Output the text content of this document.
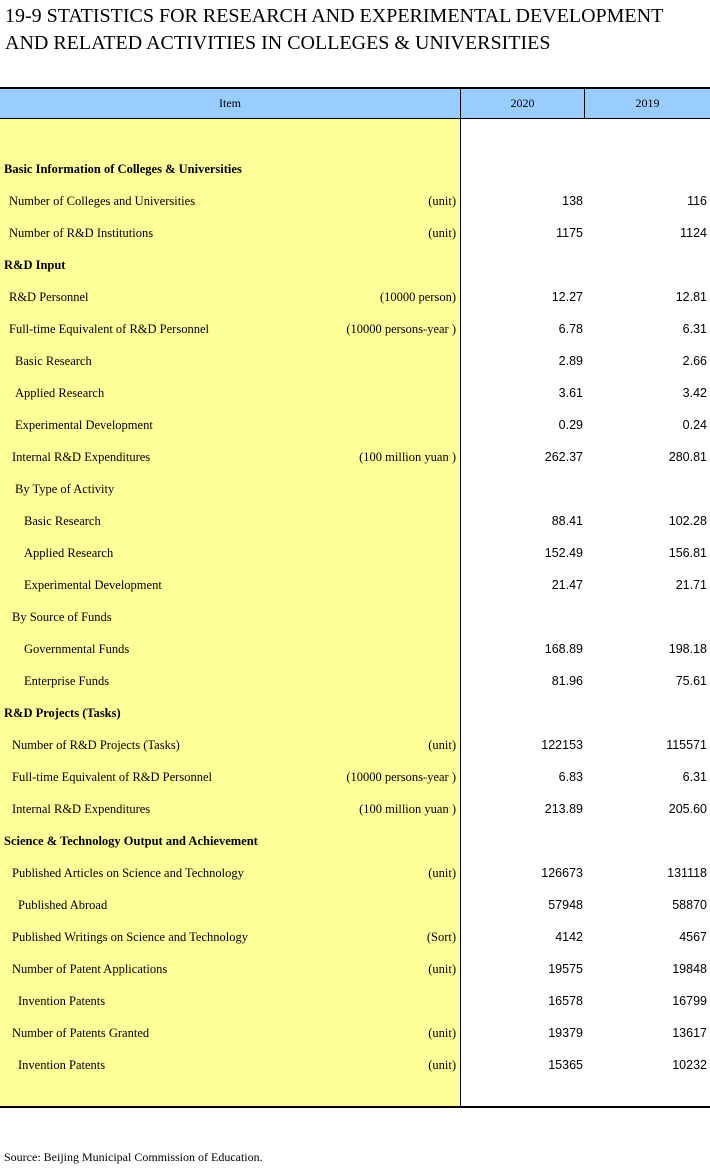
19-9 STATISTICS FOR RESEARCH AND EXPERIMENTAL DEVELOPMENT
AND RELATED ACTIVITIES IN COLLEGES & UNIVERSITIES
Item	2020	2019
Basic Information of Colleges & Universities
Number of Colleges and Universities	(unit)	138	116
Number of R&D Institutions	(unit)	1175	1124
R&D Input
R&D Personnel	(10000 person)	12.27	12.81
Full-time Equivalent of R&D Personnel	(10000 persons-year )	6.78	6.31
Basic Research	2.89	2.66
Applied Research	3.61	3.42
Experimental Development	0.29	0.24
Internal R&D Expenditures	(100 million yuan )	262.37	280.81
By Type of Activity
Basic Research	88.41	102.28
Applied Research	152.49	156.81
Experimental Development	21.47	21.71
By Source of Funds
Governmental Funds	168.89	198.18
Enterprise Funds	81.96	75.61
R&D Projects (Tasks)
Number of R&D Projects (Tasks)	(unit)	122153	115571
Full-time Equivalent of R&D Personnel	(10000 persons-year )	6.83	6.31
Internal R&D Expenditures	(100 million yuan )	213.89	205.60
Science & Technology Output and Achievement
Published Articles on Science and Technology	(unit)	126673	131118
Published Abroad	57948	58870
Published Writings on Science and Technology	(Sort)	4142	4567
Number of Patent Applications	(unit)	19575	19848
Invention Patents	16578	16799
Number of Patents Granted	(unit)	19379	13617
Invention Patents	(unit)	15365	10232
Source: Beijing Municipal Commission of Education.
